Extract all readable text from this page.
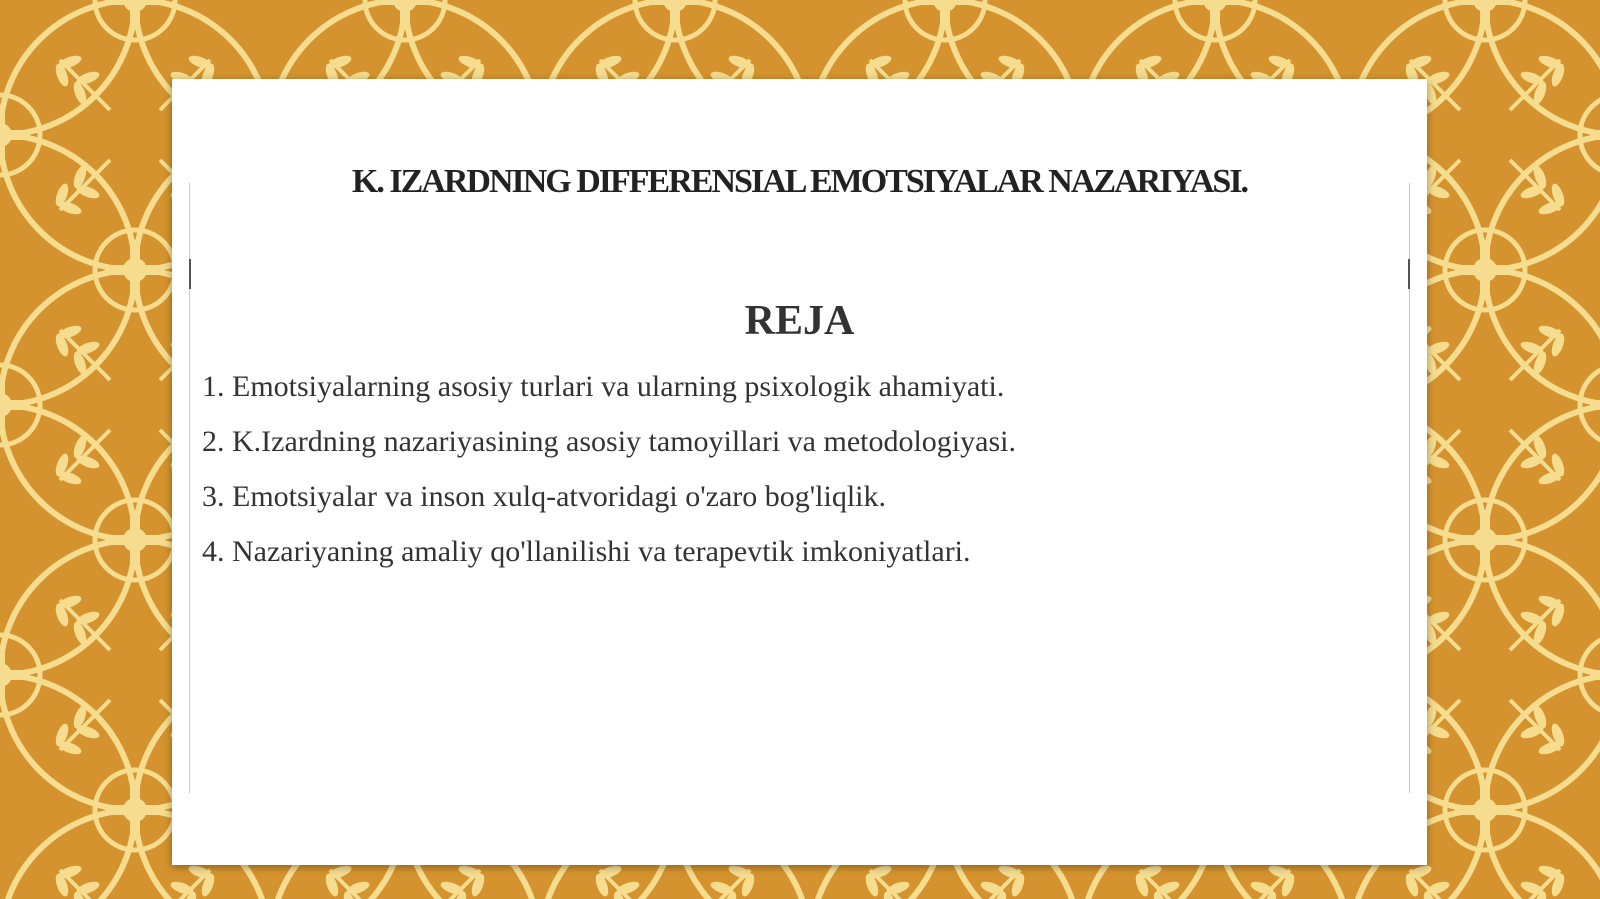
K. IZARDNING DIFFERENSIAL EMOTSIYALAR NAZARIYASI.
REJA
1. Emotsiyalarning asosiy turlari va ularning psixologik ahamiyati.
2. K.Izardning nazariyasining asosiy tamoyillari va metodologiyasi.
3. Emotsiyalar va inson xulq-atvoridagi o'zaro bog'liqlik.
4. Nazariyaning amaliy qo'llanilishi va terapevtik imkoniyatlari.
